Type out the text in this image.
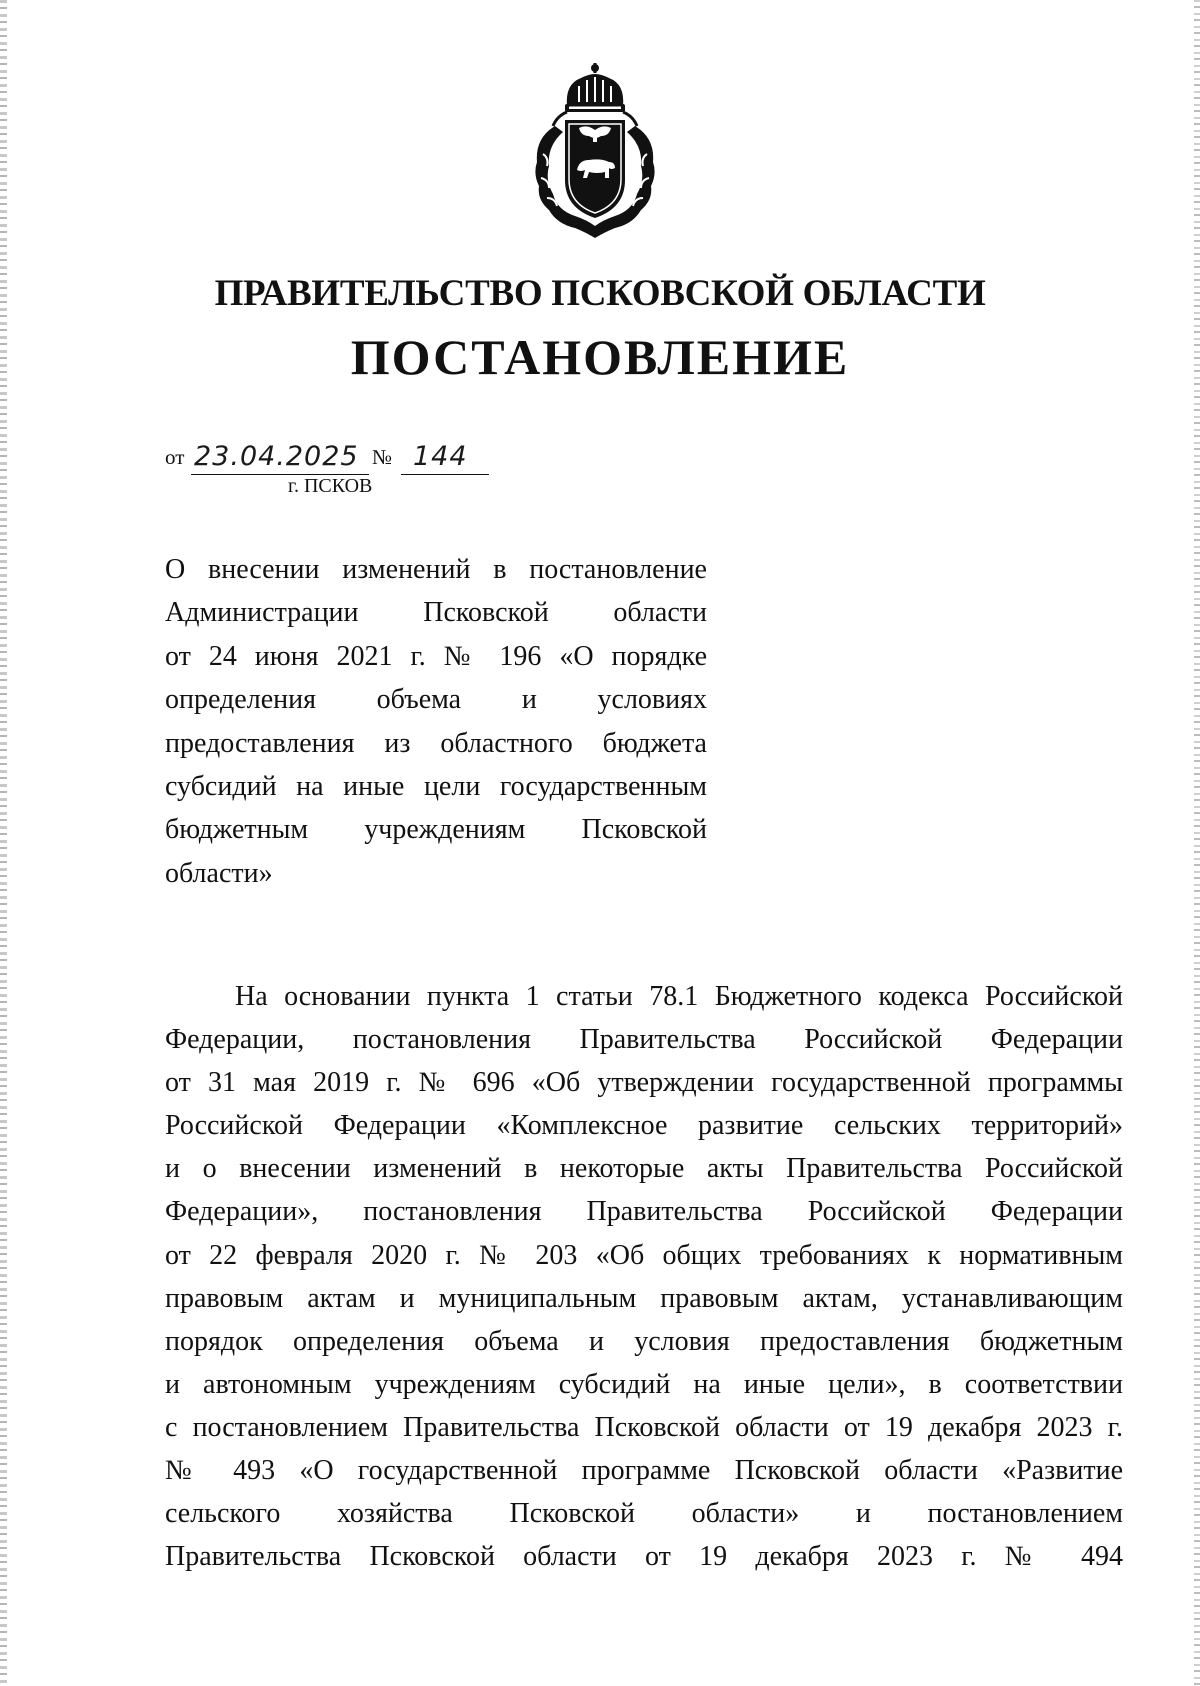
ПРАВИТЕЛЬСТВО ПСКОВСКОЙ ОБЛАСТИ
ПОСТАНОВЛЕНИЕ
от 23.04.2025 № 144
г. ПСКОВ
О внесении изменений в постановление
Администрации Псковской области
от 24 июня 2021 г. № 196 «О порядке
определения объема и условиях
предоставления из областного бюджета
субсидий на иные цели государственным
бюджетным учреждениям Псковской
области»
На основании пункта 1 статьи 78.1 Бюджетного кодекса Российской
Федерации, постановления Правительства Российской Федерации
от 31 мая 2019 г. № 696 «Об утверждении государственной программы
Российской Федерации «Комплексное развитие сельских территорий»
и о внесении изменений в некоторые акты Правительства Российской
Федерации», постановления Правительства Российской Федерации
от 22 февраля 2020 г. № 203 «Об общих требованиях к нормативным
правовым актам и муниципальным правовым актам, устанавливающим
порядок определения объема и условия предоставления бюджетным
и автономным учреждениям субсидий на иные цели», в соответствии
с постановлением Правительства Псковской области от 19 декабря 2023 г.
№ 493 «О государственной программе Псковской области «Развитие
сельского хозяйства Псковской области» и постановлением
Правительства Псковской области от 19 декабря 2023 г. № 494
